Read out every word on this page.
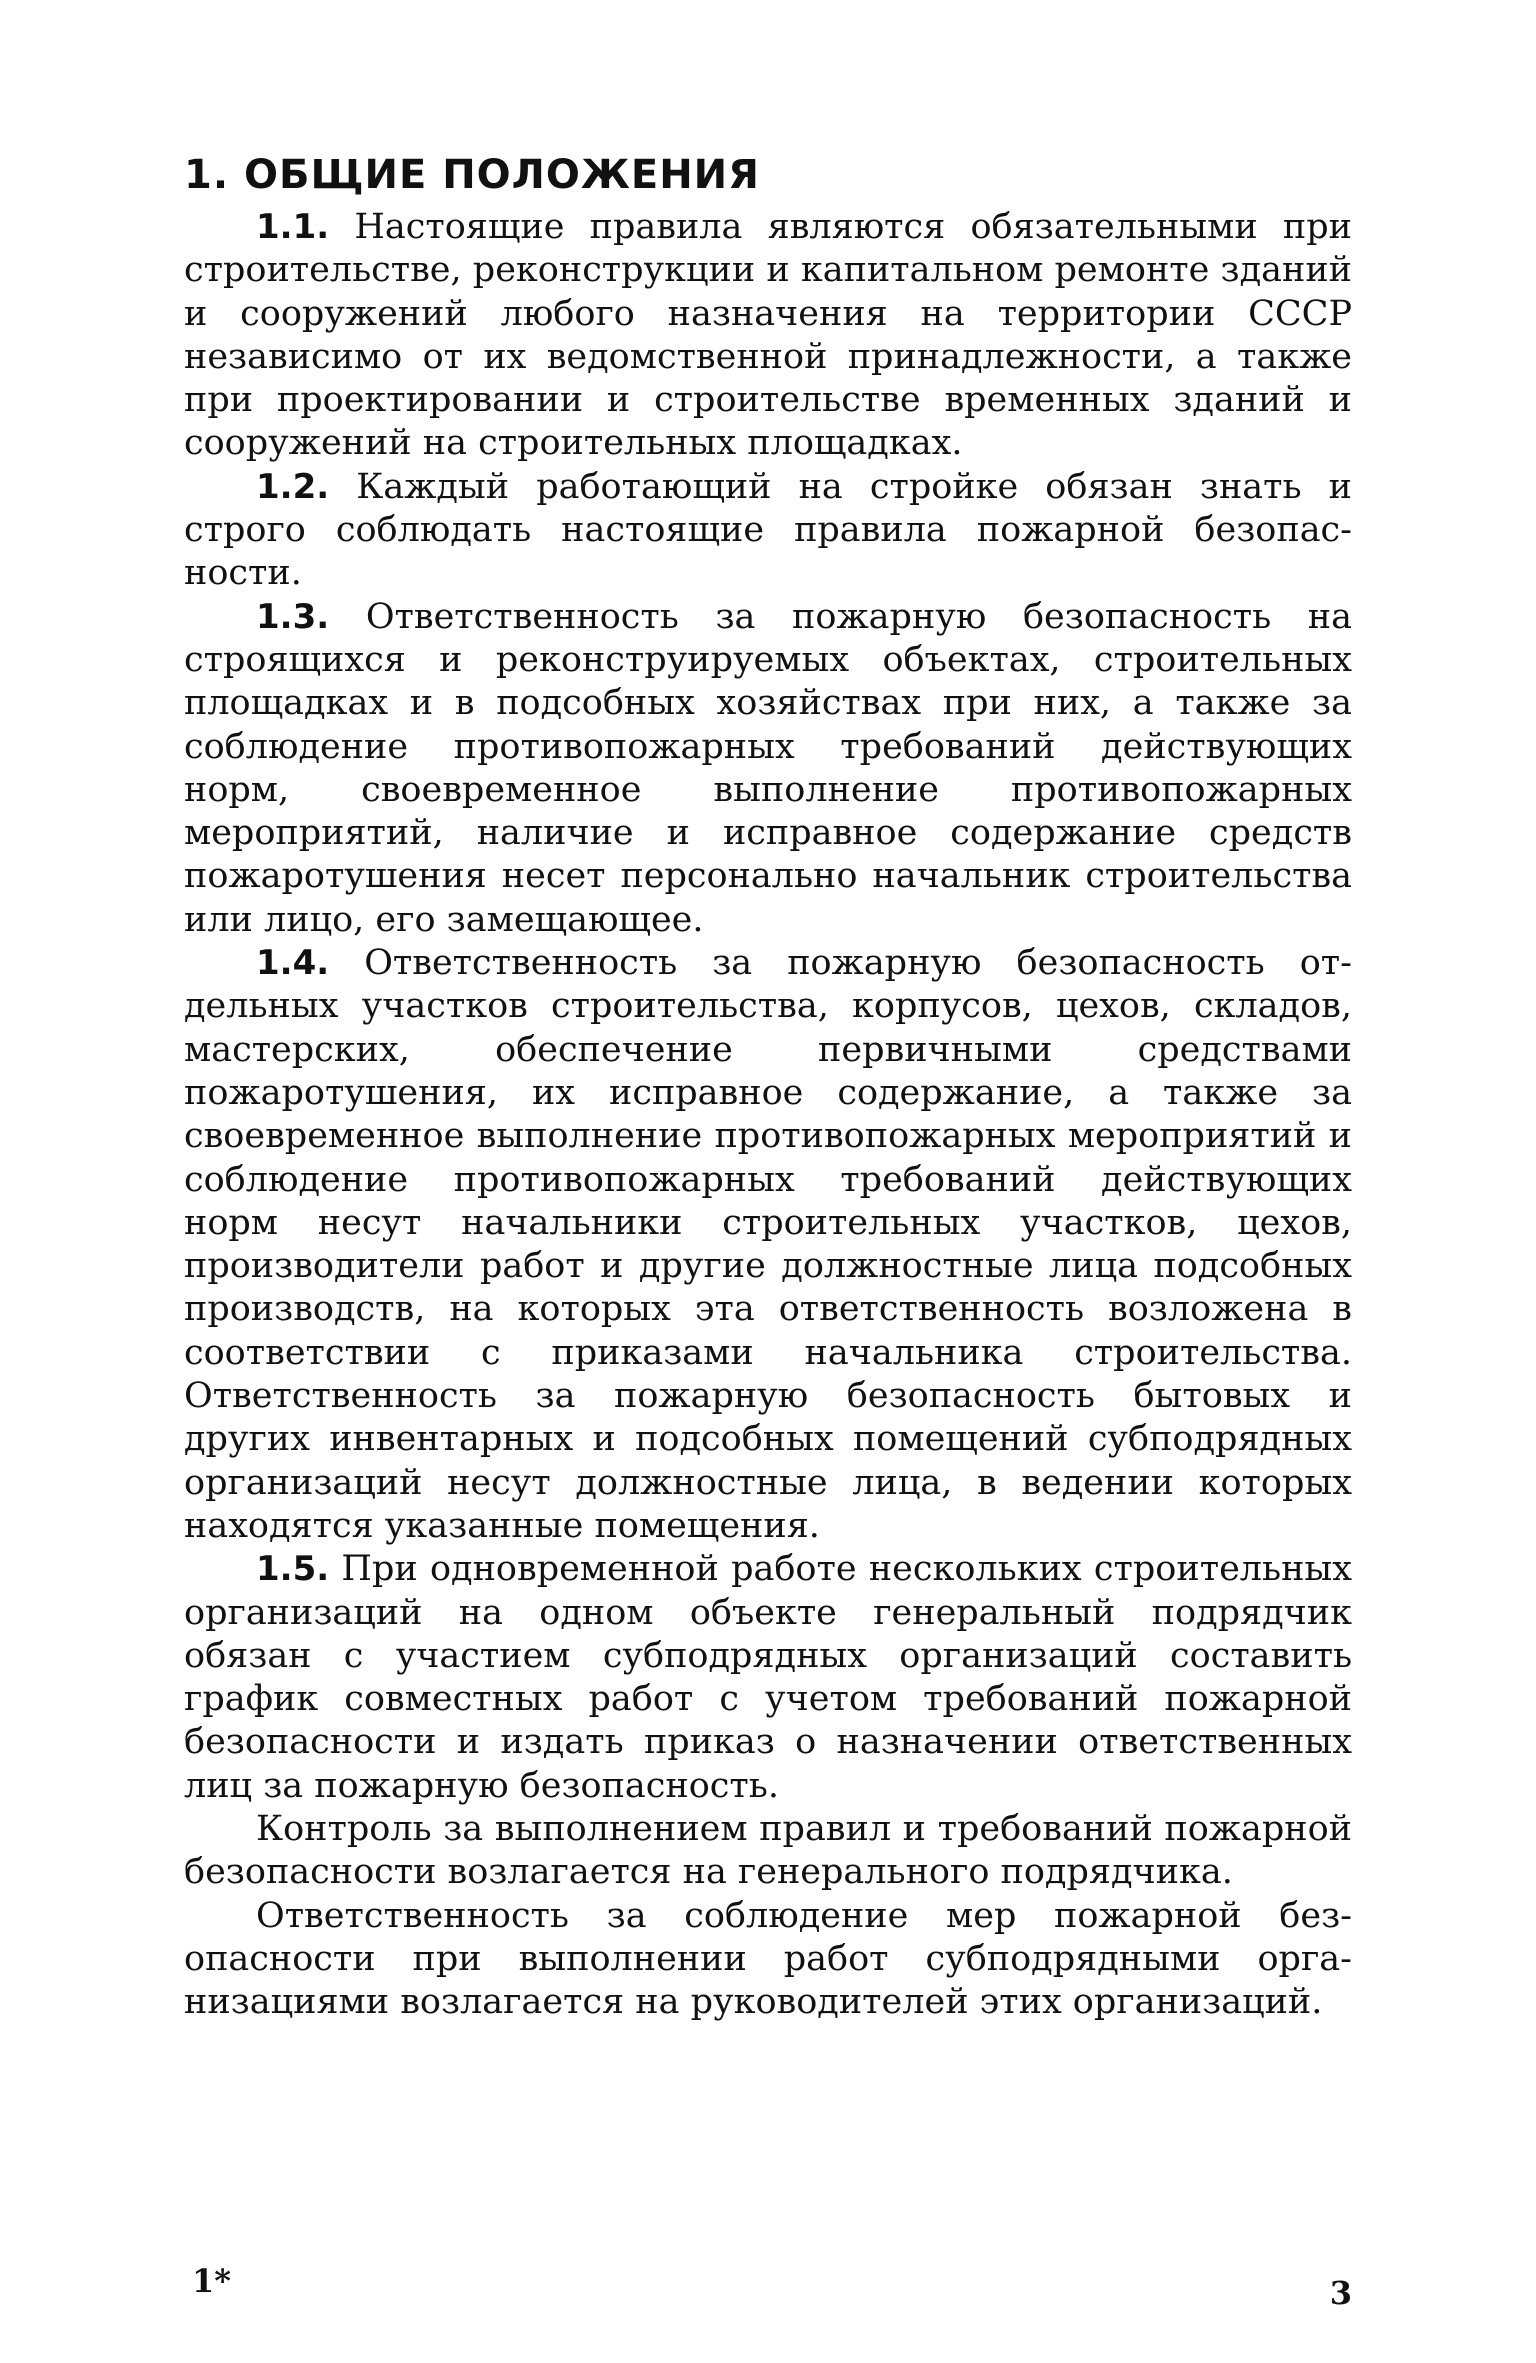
1. ОБЩИЕ ПОЛОЖЕНИЯ

1.1. Настоящие правила являются обязательными при строительстве, реконструкции и капитальном ремонте зданий и сооружений любого назначения на территории СССР независимо от их ведомственной принадлежности, а также при проектировании и строительстве временных зданий и сооружений на строительных площадках.

1.2. Каждый работающий на стройке обязан знать и строго соблюдать настоящие правила пожарной безопасности.

1.3. Ответственность за пожарную безопасность на строящихся и реконструируемых объектах, строительных площадках и в подсобных хозяйствах при них, а также за соблюдение противопожарных требований действующих норм, своевременное выполнение противопожарных мероприятий, наличие и исправное содержание средств пожаротушения несет персонально начальник строительства или лицо, его замещающее.

1.4. Ответственность за пожарную безопасность отдельных участков строительства, корпусов, цехов, складов, мастерских, обеспечение первичными средствами пожаротушения, их исправное содержание, а также за своевременное выполнение противопожарных мероприятий и соблюдение противопожарных требований действующих норм несут начальники строительных участков, цехов, производители работ и другие должностные лица подсобных производств, на которых эта ответственность возложена в соответствии с приказами начальника строительства. Ответственность за пожарную безопасность бытовых и других инвентарных и подсобных помещений субподрядных организаций несут должностные лица, в ведении которых находятся указанные помещения.

1.5. При одновременной работе нескольких строительных организаций на одном объекте генеральный подрядчик обязан с участием субподрядных организаций составить график совместных работ с учетом требований пожарной безопасности и издать приказ о назначении ответственных лиц за пожарную безопасность.

Контроль за выполнением правил и требований пожарной безопасности возлагается на генерального подрядчика.

Ответственность за соблюдение мер пожарной безопасности при выполнении работ субподрядными организациями возлагается на руководителей этих организаций.

1*	3
